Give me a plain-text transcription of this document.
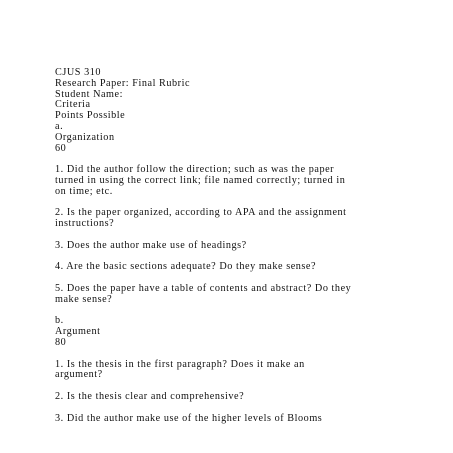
CJUS 310
Research Paper: Final Rubric
Student Name:
Criteria
Points Possible
a.
Organization
60
1. Did the author follow the direction; such as was the paper
turned in using the correct link; file named correctly; turned in
on time; etc.
2. Is the paper organized, according to APA and the assignment
instructions?
3. Does the author make use of headings?
4. Are the basic sections adequate? Do they make sense?
5. Does the paper have a table of contents and abstract? Do they
make sense?
b.
Argument
80
1. Is the thesis in the first paragraph? Does it make an
argument?
2. Is the thesis clear and comprehensive?
3. Did the author make use of the higher levels of Blooms
